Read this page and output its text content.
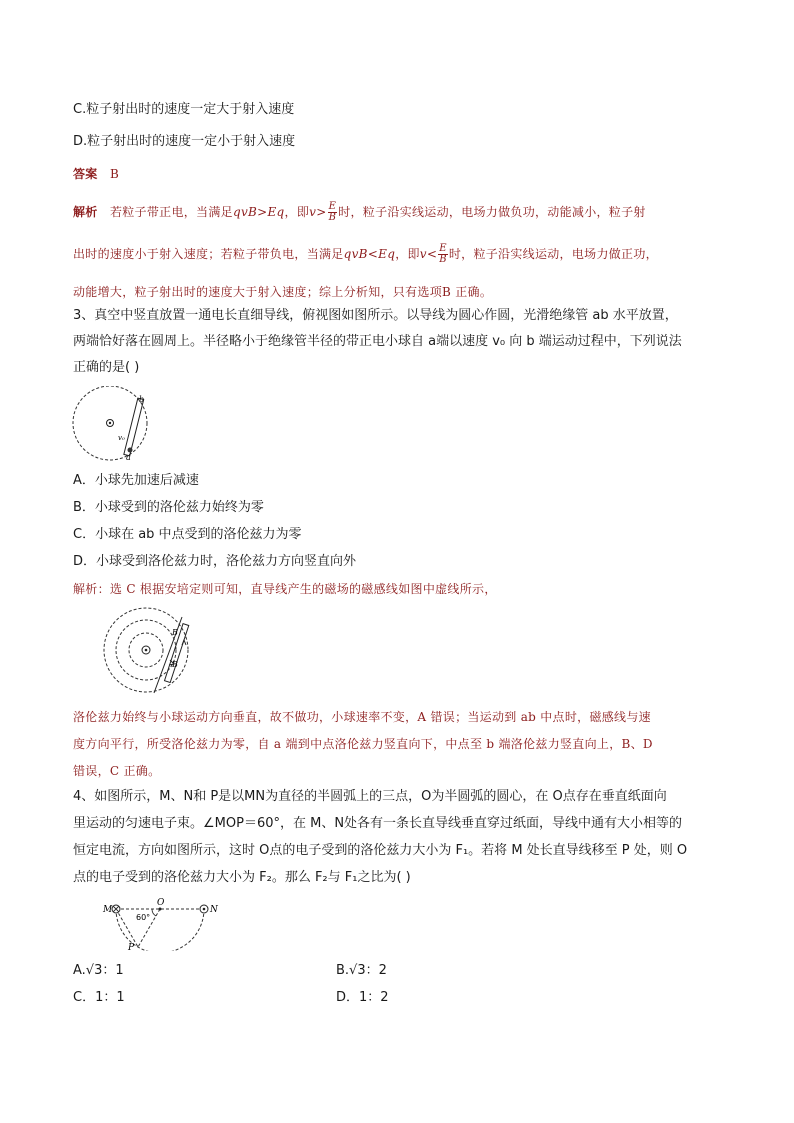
C.粒子射出时的速度一定大于射入速度
D.粒子射出时的速度一定小于射入速度
答案 B
解析 若粒子带正电，当满足qvB>Eq，即$v> \frac{E}{B}$ 时，粒子沿实线运动，电场力做负功，动能减小，粒子射
出时的速度小于射入速度；若粒子带负电，当满足qvB<Eq，即$v< \frac{E}{B}$ 时，粒子沿实线运动，电场力做正功，
动能增大，粒子射出时的速度大于射入速度；综上分析知，只有选项B 正确。
3、真空中竖直放置一通电长直细导线，俯视图如图所示。以导线为圆心作圆，光滑绝缘管 ab 水平放置，
两端恰好落在圆周上。半径略小于绝缘管半径的带正电小球自 a端以速度 v₀ 向 b 端运动过程中，下列说法
正确的是( )
b
a
v₀
A．小球先加速后减速
B．小球受到的洛伦兹力始终为零
C．小球在 ab 中点受到的洛伦兹力为零
D．小球受到洛伦兹力时，洛伦兹力方向竖直向外
解析：选 C 根据安培定则可知，直导线产生的磁场的磁感线如图中虚线所示，
B
B
洛伦兹力始终与小球运动方向垂直，故不做功，小球速率不变，A 错误；当运动到 ab 中点时，磁感线与速
度方向平行，所受洛伦兹力为零，自 a 端到中点洛伦兹力竖直向下，中点至 b 端洛伦兹力竖直向上，B、D
错误，C 正确。
4、如图所示，M、N和 P是以MN为直径的半圆弧上的三点，O为半圆弧的圆心，在 O点存在垂直纸面向
里运动的匀速电子束。∠MOP＝60°，在 M、N处各有一条长直导线垂直穿过纸面，导线中通有大小相等的
恒定电流，方向如图所示，这时 O点的电子受到的洛伦兹力大小为 F₁。若将 M 处长直导线移至 P 处，则 O
点的电子受到的洛伦兹力大小为 F₂。那么 F₂与 F₁之比为( )
M	N
O
P
60°
A.√3：1	B.√3：2
C．1：1	D．1：2
